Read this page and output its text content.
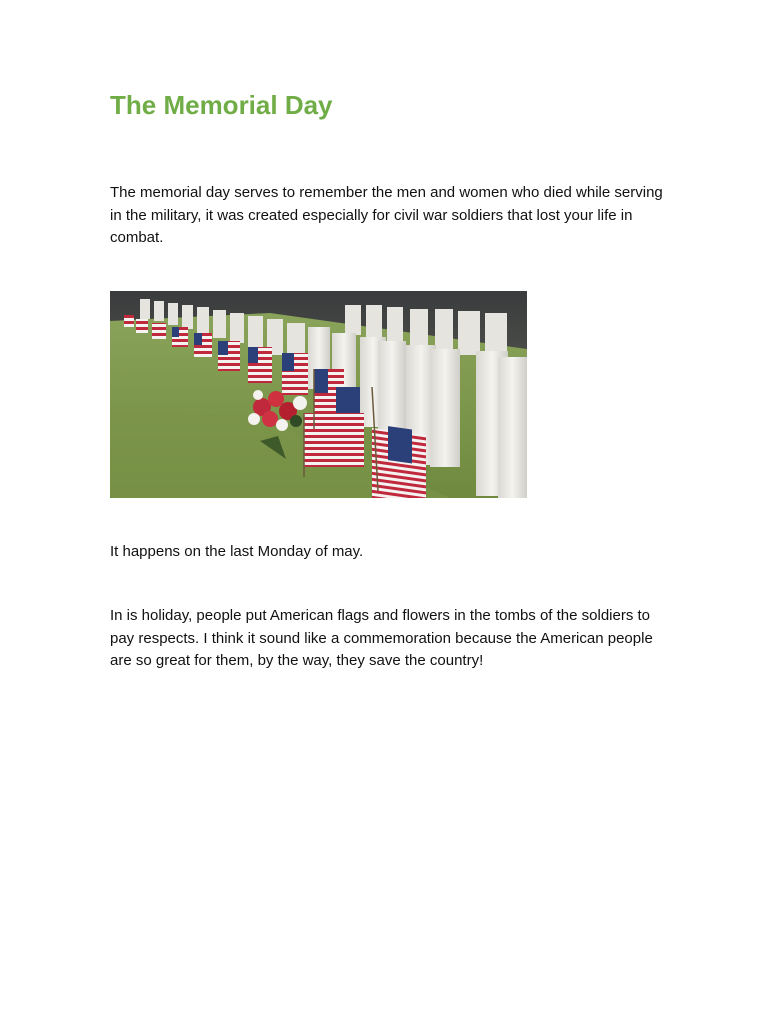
The Memorial Day

The memorial day serves to remember the men and women who died while serving in the military, it was created especially for civil war soldiers that lost your life in combat.

It happens on the last Monday of may.

In is holiday, people put American flags and flowers in the tombs of the soldiers to pay respects. I think it sound like a commemoration because the American people are so great for them, by the way, they save the country!
